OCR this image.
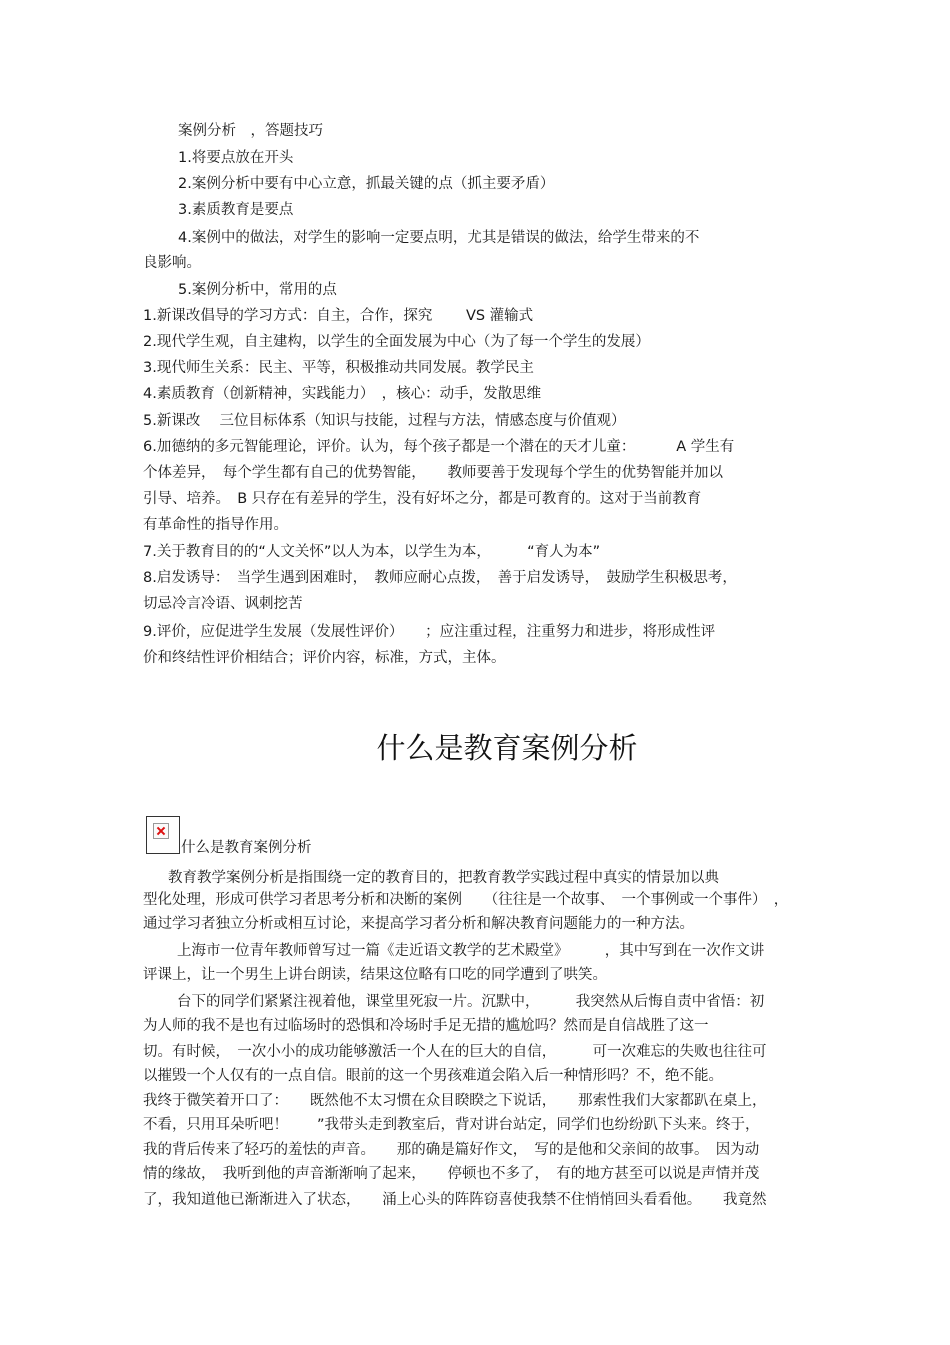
案例分析　，答题技巧
1.将要点放在开头
2.案例分析中要有中心立意，抓最关键的点（抓主要矛盾）
3.素质教育是要点
4.案例中的做法，对学生的影响一定要点明，尤其是错误的做法，给学生带来的不
良影响。
5.案例分析中，常用的点
1.新课改倡导的学习方式：自主，合作，探究　　 VS 灌输式
2.现代学生观，自主建构，以学生的全面发展为中心（为了每一个学生的发展）
3.现代师生关系：民主、平等，积极推动共同发展。教学民主
4.素质教育（创新精神，实践能力）　，核心：动手，发散思维
5.新课改　 三位目标体系（知识与技能，过程与方法，情感态度与价值观）
6.加德纳的多元智能理论，评价。认为，每个孩子都是一个潜在的天才儿童：　　　 A 学生有
个体差异，　每个学生都有自己的优势智能，　　教师要善于发现每个学生的优势智能并加以
引导、培养。　B 只存在有差异的学生，没有好坏之分，都是可教育的。这对于当前教育
有革命性的指导作用。
7.关于教育目的的“人文关怀”以人为本，以学生为本，　　　“育人为本”
8.启发诱导：　当学生遇到困难时，　教师应耐心点拨，　善于启发诱导，　鼓励学生积极思考，
切忌冷言冷语、讽刺挖苦
9.评价，应促进学生发展（发展性评价）　　；应注重过程，注重努力和进步，将形成性评
价和终结性评价相结合；评价内容，标准，方式，主体。
什么是教育案例分析
什么是教育案例分析
教育教学案例分析是指围绕一定的教育目的，把教育教学实践过程中真实的情景加以典
型化处理，形成可供学习者思考分析和决断的案例　　（往往是一个故事、　一个事例或一个事件）　，
通过学习者独立分析或相互讨论，来提高学习者分析和解决教育问题能力的一种方法。
上海市一位青年教师曾写过一篇《走近语文教学的艺术殿堂》　　　，其中写到在一次作文讲
评课上，让一个男生上讲台朗读，结果这位略有口吃的同学遭到了哄笑。
台下的同学们紧紧注视着他，课堂里死寂一片。沉默中，　　　我突然从后悔自责中省悟：初
为人师的我不是也有过临场时的恐惧和冷场时手足无措的尴尬吗？然而是自信战胜了这一
切。有时候，　一次小小的成功能够激活一个人在的巨大的自信，　　　可一次难忘的失败也往往可
以摧毁一个人仅有的一点自信。眼前的这一个男孩难道会陷入后一种情形吗？不，绝不能。
我终于微笑着开口了：　　既然他不太习惯在众目睽睽之下说话，　　那索性我们大家都趴在桌上，
不看，只用耳朵听吧！　　”我带头走到教室后，背对讲台站定，同学们也纷纷趴下头来。终于，
我的背后传来了轻巧的羞怯的声音。　　那的确是篇好作文，　写的是他和父亲间的故事。　因为动
情的缘故，　我听到他的声音渐渐响了起来，　　停顿也不多了，　有的地方甚至可以说是声情并茂
了，我知道他已渐渐进入了状态，　　涌上心头的阵阵窃喜使我禁不住悄悄回头看看他。　　我竟然
